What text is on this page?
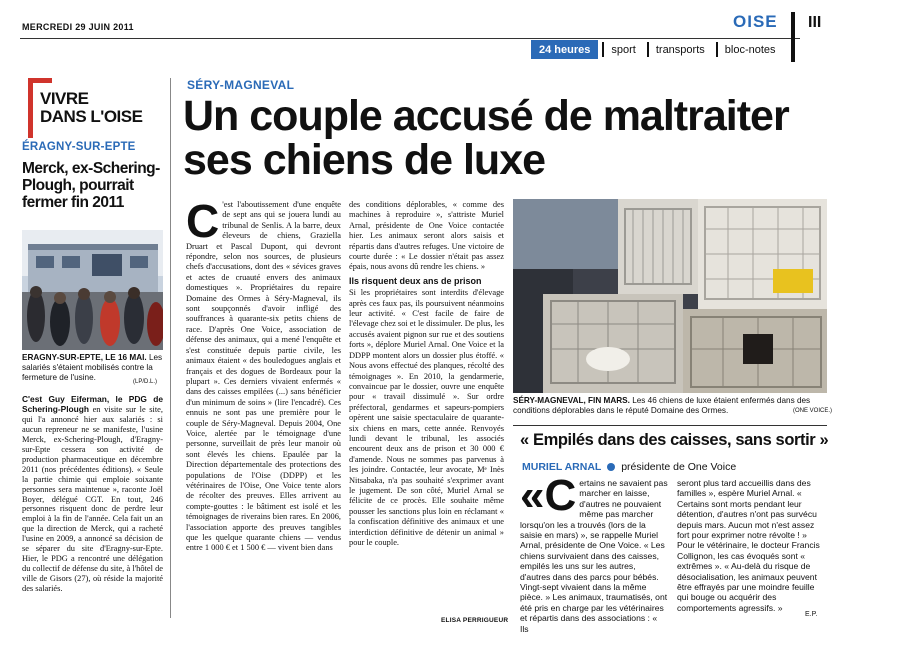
MERCREDI 29 JUIN 2011	OISE III
24 heures	sport	transports	bloc-notes
VIVRE
DANS L'OISE
ÉRAGNY-SUR-EPTE
Merck, ex-Schering-Plough, pourrait fermer fin 2011
ERAGNY-SUR-EPTE, LE 16 MAI. Les salariés s'étaient mobilisés contre la fermeture de l'usine.	(LP/D.L.)
C'est Guy Eiferman, le PDG de Schering-Plough en visite sur le site, qui l'a annoncé hier aux salariés : si aucun repreneur ne se manifeste, l'usine Merck, ex-Schering-Plough, d'Eragny-sur-Epte cessera son activité de production pharmaceutique en décembre 2011 (nos précédentes éditions). « Seule la partie chimie qui emploie soixante personnes sera maintenue », raconte Joël Boyer, délégué CGT. En tout, 246 personnes risquent donc de perdre leur emploi à la fin de l'année. Cela fait un an que la direction de Merck, qui a racheté l'usine en 2009, a annoncé sa décision de se séparer du site d'Eragny-sur-Epte. Hier, le PDG a rencontré une délégation du collectif de défense du site, à l'hôtel de ville de Gisors (27), où réside la majorité des salariés.
SÉRY-MAGNEVAL
Un couple accusé de maltraiter ses chiens de luxe
C 'est l'aboutissement d'une enquête de sept ans qui se jouera lundi au tribunal de Senlis. A la barre, deux éleveurs de chiens, Graziella Druart et Pascal Dupont, qui devront répondre, selon nos sources, de plusieurs chefs d'accusations, dont des « sévices graves et actes de cruauté envers des animaux domestiques ». Propriétaires du repaire Domaine des Ormes à Séry-Magneval, ils sont soupçonnés d'avoir infligé des souffrances à quarante-six petits chiens de race. D'après One Voice, association de défense des animaux, qui a mené l'enquête et s'est constituée depuis partie civile, les animaux étaient « des bouledogues anglais et français et des dogues de Bordeaux pour la plupart ». Ces derniers vivaient enfermés « dans des caisses empilées (...) sans bénéficier d'un minimum de soins » (lire l'encadré). Ces ennuis ne sont pas une première pour le couple de Séry-Magneval. Depuis 2004, One Voice, alertée par le témoignage d'une personne, surveillait de près leur manoir où sont élevés les chiens. Epaulée par la Direction départementale des protections des populations de l'Oise (DDPP) et les vétérinaires de l'Oise, One Voice tente alors de récolter des preuves. Elles arrivent au compte-gouttes : le bâtiment est isolé et les témoignages de riverains bien rares. En 2006, l'association apporte des preuves tangibles que les quelque quarante chiens — vendus entre 1 000 € et 1 500 € — vivent bien dans
des conditions déplorables, « comme des machines à reproduire », s'attriste Muriel Arnal, présidente de One Voice contactée hier. Les animaux seront alors saisis et répartis dans d'autres refuges. Une victoire de courte durée : « Le dossier n'était pas assez épais, nous avons dû rendre les chiens. »
Ils risquent deux ans de prison
Si les propriétaires sont interdits d'élevage après ces faux pas, ils poursuivent néanmoins leur activité. « C'est facile de faire de l'élevage chez soi et le dissimuler. De plus, les accusés avaient pignon sur rue et des soutiens forts », déplore Muriel Arnal. One Voice et la DDPP montent alors un dossier plus étoffé. « Nous avons effectué des planques, récolté des témoignages ». En 2010, la gendarmerie, convaincue par le dossier, ouvre une enquête pour « travail dissimulé ». Sur ordre préfectoral, gendarmes et sapeurs-pompiers opèrent une saisie spectaculaire de quarante-six chiens en mars, cette année. Renvoyés lundi devant le tribunal, les associés encourent deux ans de prison et 30 000 € d'amende. Nous ne sommes pas parvenus à les joindre. Contactée, leur avocate, Mᵉ Inès Nitsabaka, n'a pas souhaité s'exprimer avant le jugement. De son côté, Muriel Arnal se félicite de ce procès. Elle souhaite même pousser les sanctions plus loin en réclamant « la confiscation définitive des animaux et une interdiction définitive de détenir un animal » pour le couple.
ELISA PERRIGUEUR
SÉRY-MAGNEVAL, FIN MARS. Les 46 chiens de luxe étaient enfermés dans des conditions déplorables dans le réputé Domaine des Ormes.	(ONE VOICE.)
« Empilés dans des caisses, sans sortir »
MURIEL ARNAL présidente de One Voice
«C ertains ne savaient pas marcher en laisse, d'autres ne pouvaient même pas marcher lorsqu'on les a trouvés (lors de la saisie en mars) », se rappelle Muriel Arnal, présidente de One Voice. « Les chiens survivaient dans des caisses, empilés les uns sur les autres, d'autres dans des parcs pour bébés. Vingt-sept vivaient dans la même pièce. » Les animaux, traumatisés, ont été pris en charge par les vétérinaires et répartis dans des associations : « Ils
seront plus tard accueillis dans des familles », espère Muriel Arnal. « Certains sont morts pendant leur détention, d'autres n'ont pas survécu depuis mars. Aucun mot n'est assez fort pour exprimer notre révolte ! » Pour le vétérinaire, le docteur Francis Collignon, les cas évoqués sont « extrêmes ». « Au-delà du risque de désocialisation, les animaux peuvent être effrayés par une moindre feuille qui bouge ou acquérir des comportements agressifs. »
E.P.
